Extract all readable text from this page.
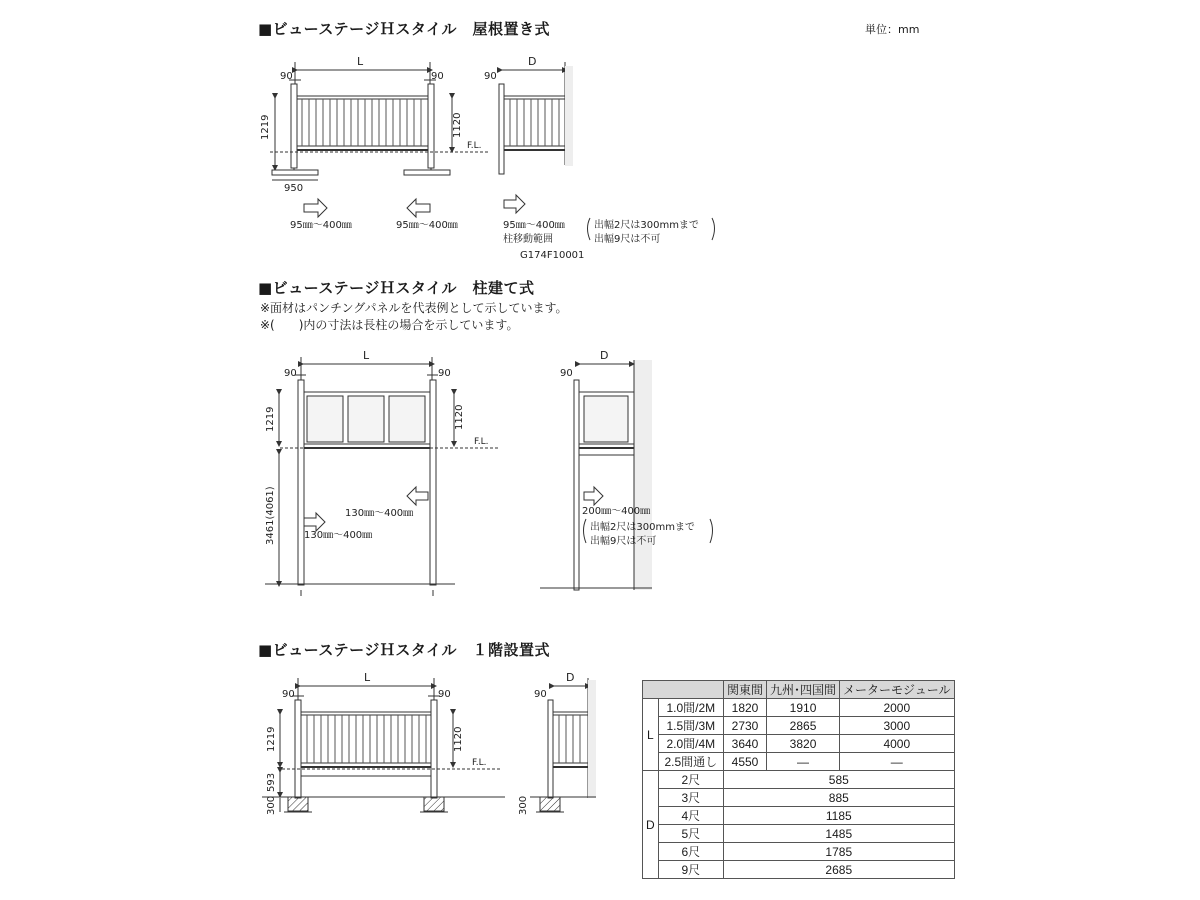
■ビューステージＨスタイル　屋根置き式	単位：mm
■ビューステージＨスタイル　柱建て式
※面材はパンチングパネルを代表例として示しています。
※(　　)内の寸法は長柱の場合を示しています。
■ビューステージＨスタイル　１階設置式
90	90
L
1219	1120
F.L.
950
90
D
95㎜〜400㎜	95㎜〜400㎜	95㎜〜400㎜
柱移動範囲
G174F10001
出幅2尺は300mmまで
出幅9尺は不可
90	90
L
1219
3461(4061)
1120
F.L.
90
D
130㎜〜400㎜
130㎜〜400㎜	200㎜〜400㎜
出幅2尺は300mmまで
出幅9尺は不可
90	90
L
1219
593
300
1120
F.L.
90
D
300
		関東間	九州･四国間	メーターモジュール
L	1.0間/2M	1820	1910	2000
	1.5間/3M	2730	2865	3000
	2.0間/4M	3640	3820	4000
	2.5間通し	4550	―	―
D	2尺	585		
	3尺	885		
	4尺	1185		
	5尺	1485		
	6尺	1785		
	9尺	2685		
